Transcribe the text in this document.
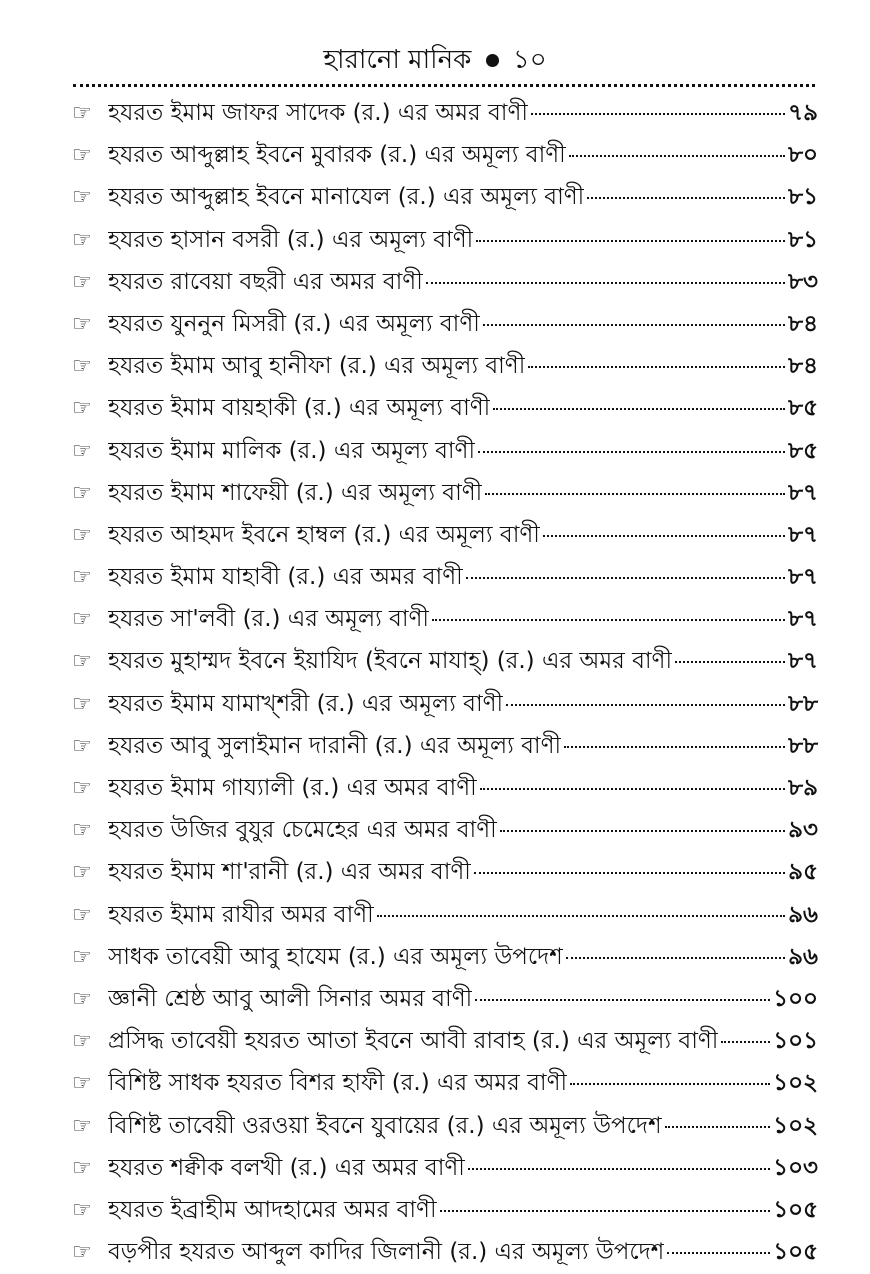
হারানো মানিক ১০
☞ হযরত ইমাম জাফর সাদেক (র.) এর অমর বাণী	৭৯
☞ হযরত আব্দুল্লাহ ইবনে মুবারক (র.) এর অমূল্য বাণী	৮০
☞ হযরত আব্দুল্লাহ ইবনে মানাযেল (র.) এর অমূল্য বাণী	৮১
☞ হযরত হাসান বসরী (র.) এর অমূল্য বাণী	৮১
☞ হযরত রাবেয়া বছরী এর অমর বাণী	৮৩
☞ হযরত যুননুন মিসরী (র.) এর অমূল্য বাণী	৮৪
☞ হযরত ইমাম আবু হানীফা (র.) এর অমূল্য বাণী	৮৪
☞ হযরত ইমাম বায়হাকী (র.) এর অমূল্য বাণী	৮৫
☞ হযরত ইমাম মালিক (র.) এর অমূল্য বাণী	৮৫
☞ হযরত ইমাম শাফেয়ী (র.) এর অমূল্য বাণী	৮৭
☞ হযরত আহমদ ইবনে হাম্বল (র.) এর অমূল্য বাণী	৮৭
☞ হযরত ইমাম যাহাবী (র.) এর অমর বাণী	৮৭
☞ হযরত সা'লবী (র.) এর অমূল্য বাণী	৮৭
☞ হযরত মুহাম্মদ ইবনে ইয়াযিদ (ইবনে মাযাহ্) (র.) এর অমর বাণী	৮৭
☞ হযরত ইমাম যামাখ্শরী (র.) এর অমূল্য বাণী	৮৮
☞ হযরত আবু সুলাইমান দারানী (র.) এর অমূল্য বাণী	৮৮
☞ হযরত ইমাম গায্যালী (র.) এর অমর বাণী	৮৯
☞ হযরত উজির বুযুর চেমেহের এর অমর বাণী	৯৩
☞ হযরত ইমাম শা'রানী (র.) এর অমর বাণী	৯৫
☞ হযরত ইমাম রাযীর অমর বাণী	৯৬
☞ সাধক তাবেয়ী আবু হাযেম (র.) এর অমূল্য উপদেশ	৯৬
☞ জ্ঞানী শ্রেষ্ঠ আবু আলী সিনার অমর বাণী	১০০
☞ প্রসিদ্ধ তাবেয়ী হযরত আতা ইবনে আবী রাবাহ (র.) এর অমূল্য বাণী ১০১
☞ বিশিষ্ট সাধক হযরত বিশর হাফী (র.) এর অমর বাণী	১০২
☞ বিশিষ্ট তাবেয়ী ওরওয়া ইবনে যুবায়ের (র.) এর অমূল্য উপদেশ	১০২
☞ হযরত শক্বীক বলখী (র.) এর অমর বাণী	১০৩
☞ হযরত ইব্রাহীম আদহামের অমর বাণী	১০৫
☞ বড়পীর হযরত আব্দুল কাদির জিলানী (র.) এর অমূল্য উপদেশ	১০৫
